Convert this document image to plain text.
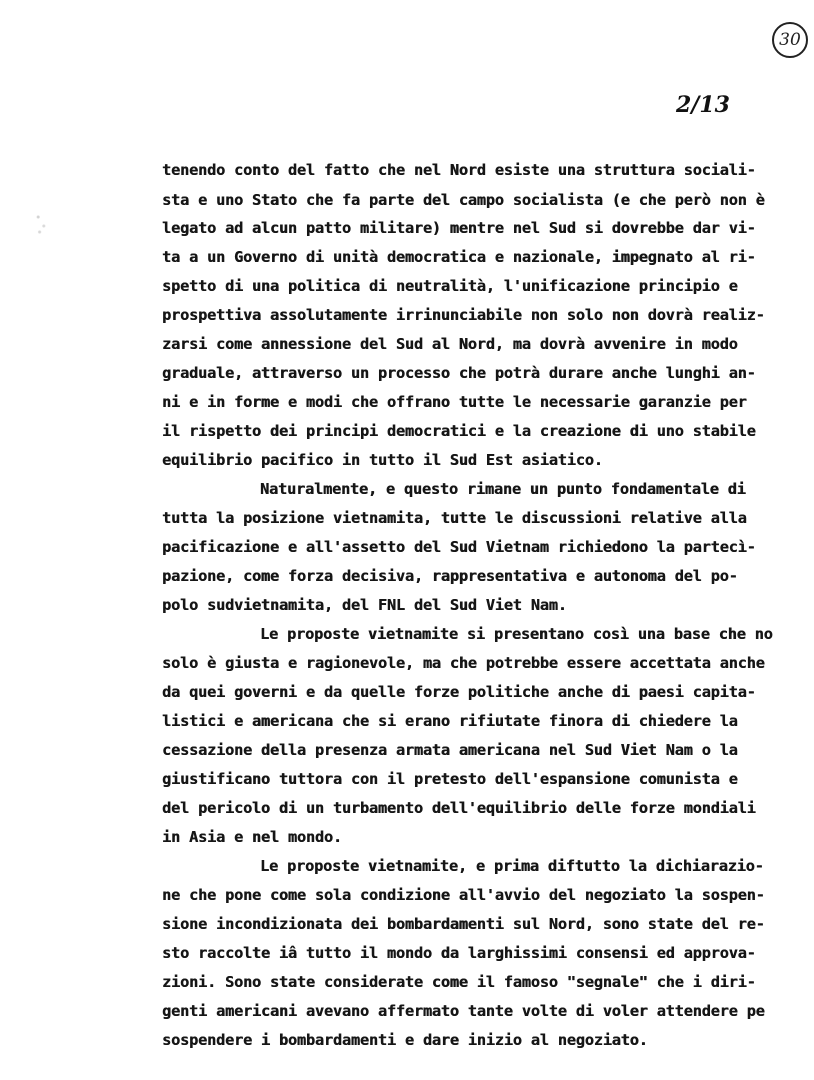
30
2/13
tenendo conto del fatto che nel Nord esiste una struttura sociali-
sta e uno Stato che fa parte del campo socialista (e che però non è
legato ad alcun patto militare) mentre nel Sud si dovrebbe dar vi-
ta a un Governo di unità democratica e nazionale, impegnato al ri-
spetto di una politica di neutralità, l'unificazione principio e
prospettiva assolutamente irrinunciabile non solo non dovrà realiz-
zarsi come annessione del Sud al Nord, ma dovrà avvenire in modo
graduale, attraverso un processo che potrà durare anche lunghi an-
ni e in forme e modi che offrano tutte le necessarie garanzie per
il rispetto dei principi democratici e la creazione di uno stabile
equilibrio pacifico in tutto il Sud Est asiatico.
Naturalmente, e questo rimane un punto fondamentale di
tutta la posizione vietnamita, tutte le discussioni relative alla
pacificazione e all'assetto del Sud Vietnam richiedono la partecì-
pazione, come forza decisiva, rappresentativa e autonoma del po-
polo sudvietnamita, del FNL del Sud Viet Nam.
Le proposte vietnamite si presentano così una base che no
solo è giusta e ragionevole, ma che potrebbe essere accettata anche
da quei governi e da quelle forze politiche anche di paesi capita-
listici e americana che si erano rifiutate finora di chiedere la
cessazione della presenza armata americana nel Sud Viet Nam o la
giustificano tuttora con il pretesto dell'espansione comunista e
del pericolo di un turbamento dell'equilibrio delle forze mondiali
in Asia e nel mondo.
Le proposte vietnamite, e prima diftutto la dichiarazio-
ne che pone come sola condizione all'avvio del negoziato la sospen-
sione incondizionata dei bombardamenti sul Nord, sono state del re-
sto raccolte iâ tutto il mondo da larghissimi consensi ed approva-
zioni. Sono state considerate come il famoso "segnale" che i diri-
genti americani avevano affermato tante volte di voler attendere pe
sospendere i bombardamenti e dare inizio al negoziato.
